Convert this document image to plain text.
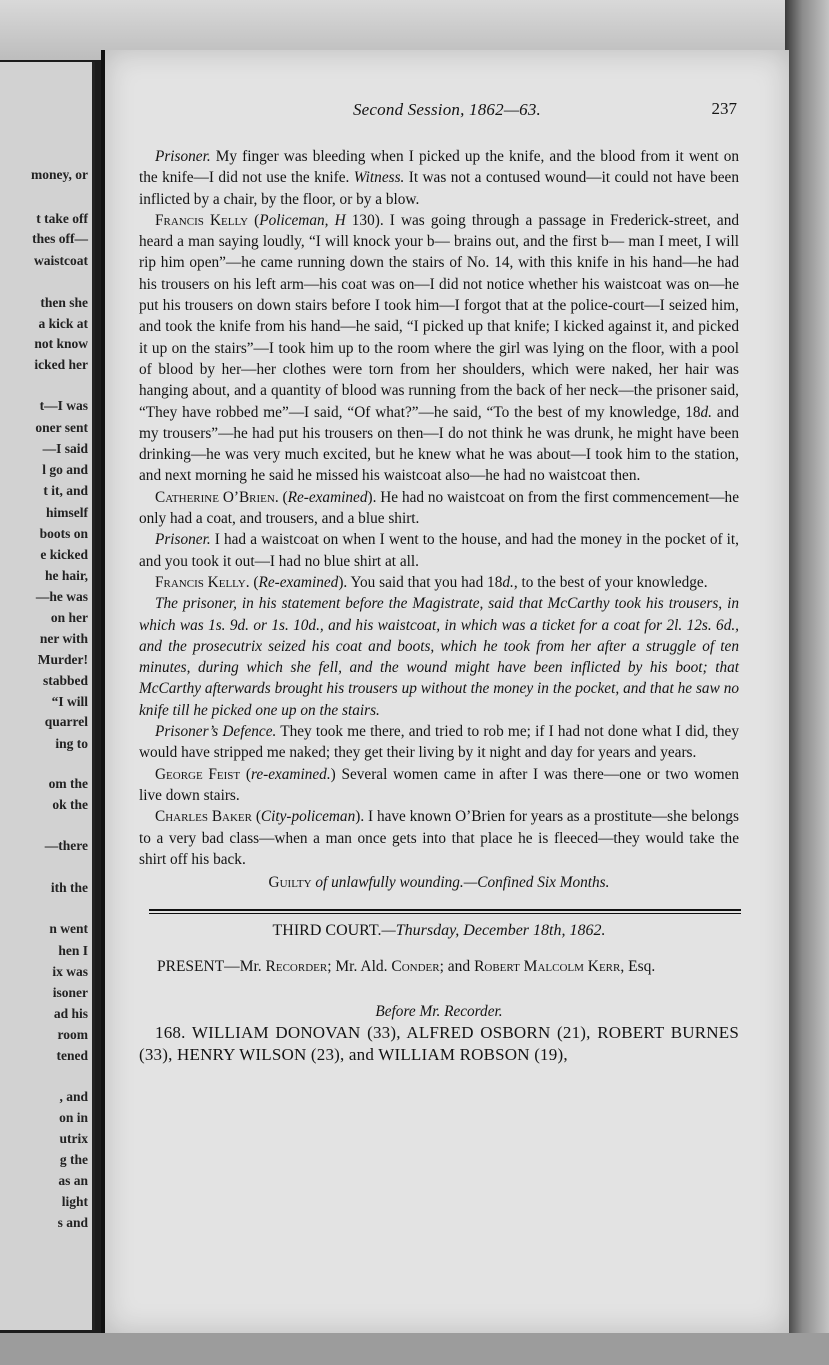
money, or
t take off
thes off—
waistcoat
then she
a kick at
not know
icked her
t—I was
oner sent
—I said
l go and
t it, and
himself
boots on
e kicked
he hair,
—he was
on her
ner with
Murder!
stabbed
“I will
quarrel
ing to
om the
ok the
—there
ith the
n went
hen I
ix was
isoner
ad his
room
tened
, and
on in
utrix
g the
as an
light
s and
Second Session, 1862—63.	237

Prisoner. My finger was bleeding when I picked up the knife, and the blood from it went on the knife—I did not use the knife. Witness. It was not a contused wound—it could not have been inflicted by a chair, by the floor, or by a blow.

Francis Kelly (Policeman, H 130). I was going through a passage in Frederick-street, and heard a man saying loudly, “I will knock your b— brains out, and the first b— man I meet, I will rip him open”—he came running down the stairs of No. 14, with this knife in his hand—he had his trousers on his left arm—his coat was on—I did not notice whether his waistcoat was on—he put his trousers on down stairs before I took him—I forgot that at the police-court—I seized him, and took the knife from his hand—he said, “I picked up that knife; I kicked against it, and picked it up on the stairs”—I took him up to the room where the girl was lying on the floor, with a pool of blood by her—her clothes were torn from her shoulders, which were naked, her hair was hanging about, and a quantity of blood was running from the back of her neck—the prisoner said, “They have robbed me”—I said, “Of what?”—he said, “To the best of my knowledge, 18d. and my trousers”—he had put his trousers on then—I do not think he was drunk, he might have been drinking—he was very much excited, but he knew what he was about—I took him to the station, and next morning he said he missed his waistcoat also—he had no waistcoat then.

Catherine O’Brien. (Re-examined). He had no waistcoat on from the first commencement—he only had a coat, and trousers, and a blue shirt.

Prisoner. I had a waistcoat on when I went to the house, and had the money in the pocket of it, and you took it out—I had no blue shirt at all.

Francis Kelly. (Re-examined). You said that you had 18d., to the best of your knowledge.

The prisoner, in his statement before the Magistrate, said that McCarthy took his trousers, in which was 1s. 9d. or 1s. 10d., and his waistcoat, in which was a ticket for a coat for 2l. 12s. 6d., and the prosecutrix seized his coat and boots, which he took from her after a struggle of ten minutes, during which she fell, and the wound might have been inflicted by his boot; that McCarthy afterwards brought his trousers up without the money in the pocket, and that he saw no knife till he picked one up on the stairs.

Prisoner’s Defence. They took me there, and tried to rob me; if I had not done what I did, they would have stripped me naked; they get their living by it night and day for years and years.

George Feist (re-examined.) Several women came in after I was there—one or two women live down stairs.

Charles Baker (City-policeman). I have known O’Brien for years as a prostitute—she belongs to a very bad class—when a man once gets into that place he is fleeced—they would take the shirt off his back.

Guilty of unlawfully wounding.—Confined Six Months.

THIRD COURT.—Thursday, December 18th, 1862.

PRESENT—Mr. Recorder; Mr. Ald. Conder; and Robert Malcolm Kerr, Esq.

Before Mr. Recorder.

168. WILLIAM DONOVAN (33), ALFRED OSBORN (21), ROBERT BURNES (33), HENRY WILSON (23), and WILLIAM ROBSON (19),
